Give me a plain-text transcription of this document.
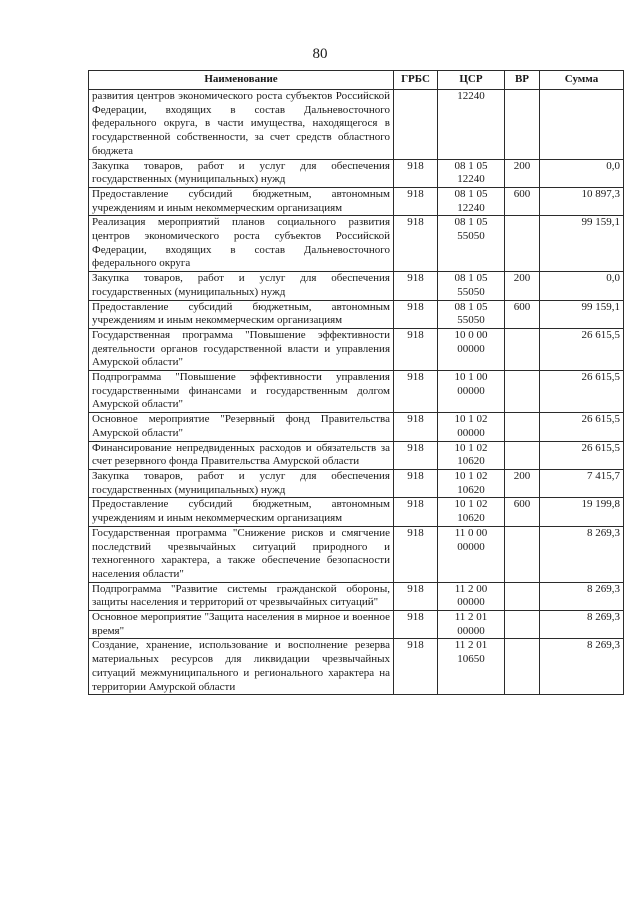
80
Наименование	ГРБС	ЦСР	ВР	Сумма
развития центров экономического роста субъектов Российской Федерации, входящих в состав Дальневосточного федерального округа, в части имущества, находящегося в государственной собственности, за счет средств областного бюджета		12240		
Закупка товаров, работ и услуг для обеспечения государственных (муниципальных) нужд	918	08 1 05 12240	200	0,0
Предоставление субсидий бюджетным, автономным учреждениям и иным некоммерческим организациям	918	08 1 05 12240	600	10 897,3
Реализация мероприятий планов социального развития центров экономического роста субъектов Российской Федерации, входящих в состав Дальневосточного федерального округа	918	08 1 05 55050		99 159,1
Закупка товаров, работ и услуг для обеспечения государственных (муниципальных) нужд	918	08 1 05 55050	200	0,0
Предоставление субсидий бюджетным, автономным учреждениям и иным некоммерческим организациям	918	08 1 05 55050	600	99 159,1
Государственная программа "Повышение эффективности деятельности органов государственной власти и управления Амурской области"	918	10 0 00 00000		26 615,5
Подпрограмма "Повышение эффективности управления государственными финансами и государственным долгом Амурской области"	918	10 1 00 00000		26 615,5
Основное мероприятие "Резервный фонд Правительства Амурской области"	918	10 1 02 00000		26 615,5
Финансирование непредвиденных расходов и обязательств за счет резервного фонда Правительства Амурской области	918	10 1 02 10620		26 615,5
Закупка товаров, работ и услуг для обеспечения государственных (муниципальных) нужд	918	10 1 02 10620	200	7 415,7
Предоставление субсидий бюджетным, автономным учреждениям и иным некоммерческим организациям	918	10 1 02 10620	600	19 199,8
Государственная программа "Снижение рисков и смягчение последствий чрезвычайных ситуаций природного и техногенного характера, а также обеспечение безопасности населения области"	918	11 0 00 00000		8 269,3
Подпрограмма "Развитие системы гражданской обороны, защиты населения и территорий от чрезвычайных ситуаций"	918	11 2 00 00000		8 269,3
Основное мероприятие "Защита населения в мирное и военное время"	918	11 2 01 00000		8 269,3
Создание, хранение, использование и восполнение резерва материальных ресурсов для ликвидации чрезвычайных ситуаций межмуниципального и регионального характера на территории Амурской области	918	11 2 01 10650		8 269,3
